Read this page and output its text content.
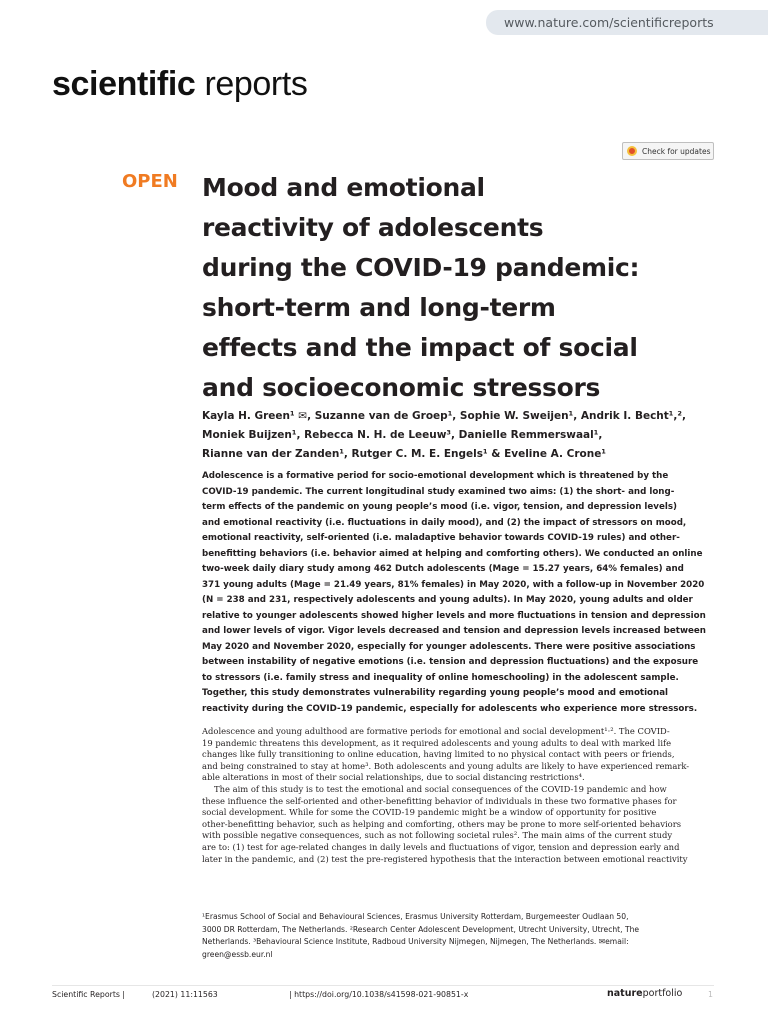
www.nature.com/scientificreports
scientific reports
Check for updates
OPEN Mood and emotional
reactivity of adolescents
during the COVID-19 pandemic:
short-term and long-term
effects and the impact of social
and socioeconomic stressors
Kayla H. Green¹ ✉, Suzanne van de Groep¹, Sophie W. Sweijen¹, Andrik I. Becht¹,²,
Moniek Buijzen¹, Rebecca N. H. de Leeuw³, Danielle Remmerswaal¹,
Rianne van der Zanden¹, Rutger C. M. E. Engels¹ & Eveline A. Crone¹
Adolescence is a formative period for socio-emotional development which is threatened by the
COVID-19 pandemic. The current longitudinal study examined two aims: (1) the short- and long-
term effects of the pandemic on young people’s mood (i.e. vigor, tension, and depression levels)
and emotional reactivity (i.e. fluctuations in daily mood), and (2) the impact of stressors on mood,
emotional reactivity, self-oriented (i.e. maladaptive behavior towards COVID-19 rules) and other-
benefitting behaviors (i.e. behavior aimed at helping and comforting others). We conducted an online
two-week daily diary study among 462 Dutch adolescents (Mage = 15.27 years, 64% females) and
371 young adults (Mage = 21.49 years, 81% females) in May 2020, with a follow-up in November 2020
(N = 238 and 231, respectively adolescents and young adults). In May 2020, young adults and older
relative to younger adolescents showed higher levels and more fluctuations in tension and depression
and lower levels of vigor. Vigor levels decreased and tension and depression levels increased between
May 2020 and November 2020, especially for younger adolescents. There were positive associations
between instability of negative emotions (i.e. tension and depression fluctuations) and the exposure
to stressors (i.e. family stress and inequality of online homeschooling) in the adolescent sample.
Together, this study demonstrates vulnerability regarding young people’s mood and emotional
reactivity during the COVID-19 pandemic, especially for adolescents who experience more stressors.
Adolescence and young adulthood are formative periods for emotional and social development¹·². The COVID-
19 pandemic threatens this development, as it required adolescents and young adults to deal with marked life
changes like fully transitioning to online education, having limited to no physical contact with peers or friends,
and being constrained to stay at home³. Both adolescents and young adults are likely to have experienced remark-
able alterations in most of their social relationships, due to social distancing restrictions⁴.
The aim of this study is to test the emotional and social consequences of the COVID-19 pandemic and how
these influence the self-oriented and other-benefitting behavior of individuals in these two formative phases for
social development. While for some the COVID-19 pandemic might be a window of opportunity for positive
other-benefitting behavior, such as helping and comforting, others may be prone to more self-oriented behaviors
with possible negative consequences, such as not following societal rules². The main aims of the current study
are to: (1) test for age-related changes in daily levels and fluctuations of vigor, tension and depression early and
later in the pandemic, and (2) test the pre-registered hypothesis that the interaction between emotional reactivity
¹Erasmus School of Social and Behavioural Sciences, Erasmus University Rotterdam, Burgemeester Oudlaan 50,
3000 DR Rotterdam, The Netherlands. ²Research Center Adolescent Development, Utrecht University, Utrecht, The
Netherlands. ³Behavioural Science Institute, Radboud University Nijmegen, Nijmegen, The Netherlands. ✉email:
green@essb.eur.nl
Scientific Reports |	(2021) 11:11563	| https://doi.org/10.1038/s41598-021-90851-x	natureportfolio	1
